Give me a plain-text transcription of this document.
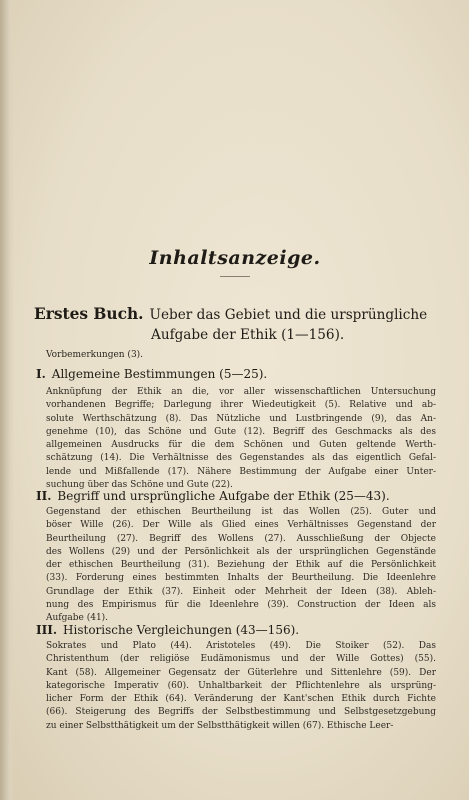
Inhaltsanzeige.
Erstes Buch. Ueber das Gebiet und die ursprüngliche
Aufgabe der Ethik (1—156).
Vorbemerkungen (3).
I. Allgemeine Bestimmungen (5—25).
Anknüpfung der Ethik an die, vor aller wissenschaftlichen Untersuchung
vorhandenen Begriffe; Darlegung ihrer Wiedeutigkeit (5). Relative und ab-
solute Werthschätzung (8). Das Nützliche und Lustbringende (9), das An-
genehme (10), das Schöne und Gute (12). Begriff des Geschmacks als des
allgemeinen Ausdrucks für die dem Schönen und Guten geltende Werth-
schätzung (14). Die Verhältnisse des Gegenstandes als das eigentlich Gefal-
lende und Mißfallende (17). Nähere Bestimmung der Aufgabe einer Unter-
suchung über das Schöne und Gute (22).
II. Begriff und ursprüngliche Aufgabe der Ethik (25—43).
Gegenstand der ethischen Beurtheilung ist das Wollen (25). Guter und
böser Wille (26). Der Wille als Glied eines Verhältnisses Gegenstand der
Beurtheilung (27). Begriff des Wollens (27). Ausschließung der Objecte
des Wollens (29) und der Persönlichkeit als der ursprünglichen Gegenstände
der ethischen Beurtheilung (31). Beziehung der Ethik auf die Persönlichkeit
(33). Forderung eines bestimmten Inhalts der Beurtheilung. Die Ideenlehre
Grundlage der Ethik (37). Einheit oder Mehrheit der Ideen (38). Ableh-
nung des Empirismus für die Ideenlehre (39). Construction der Ideen als
Aufgabe (41).
III. Historische Vergleichungen (43—156).
Sokrates und Plato (44). Aristoteles (49). Die Stoiker (52). Das
Christenthum (der religiöse Eudämonismus und der Wille Gottes) (55).
Kant (58). Allgemeiner Gegensatz der Güterlehre und Sittenlehre (59). Der
kategorische Imperativ (60). Unhaltbarkeit der Pflichtenlehre als ursprüng-
licher Form der Ethik (64). Veränderung der Kant'schen Ethik durch Fichte
(66). Steigerung des Begriffs der Selbstbestimmung und Selbstgesetzgebung
zu einer Selbstthätigkeit um der Selbstthätigkeit willen (67). Ethische Leer-
